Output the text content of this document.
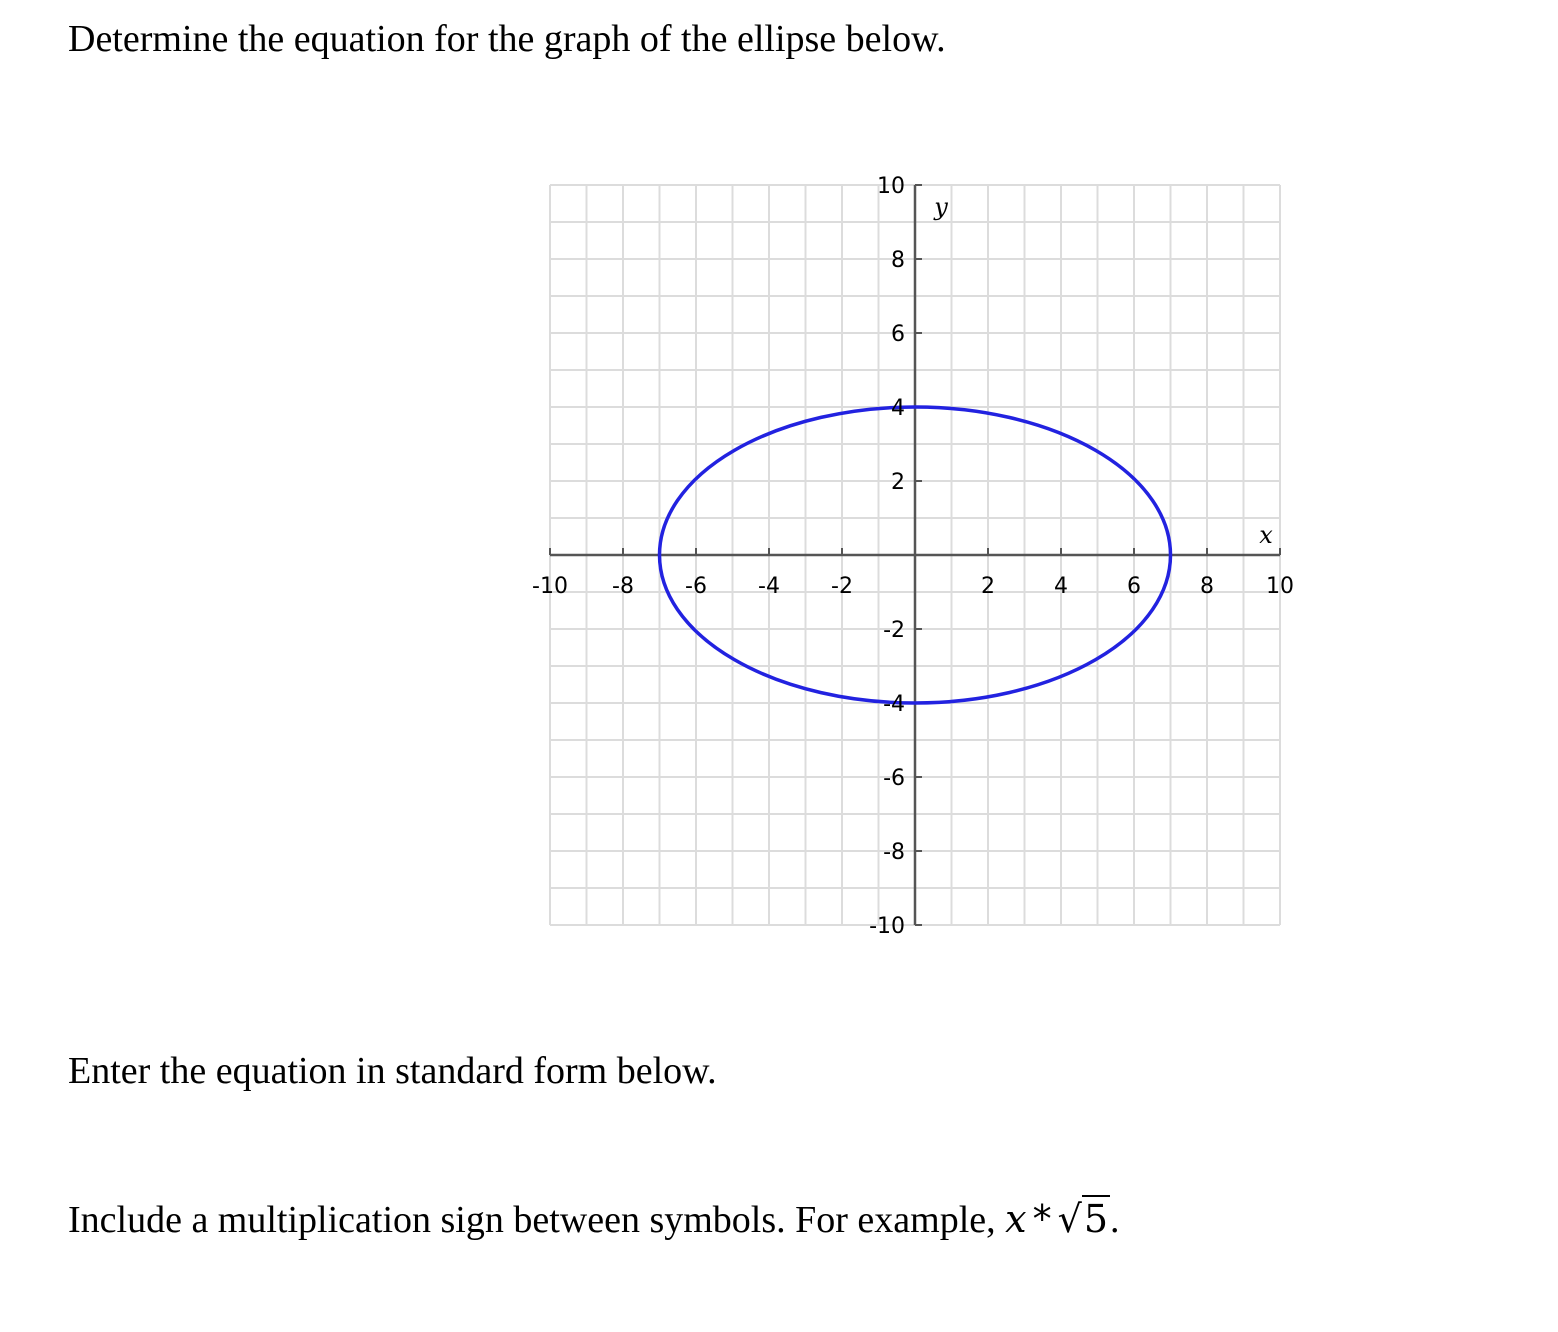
Determine the equation for the graph of the ellipse below.

-10 -8 -6 -4 -2	2	4	6	8 10
10
8
6
4
2
-2
-4
-6
-8
-10
x
y

Enter the equation in standard form below.

Include a multiplication sign between symbols. For example, x * √5.
